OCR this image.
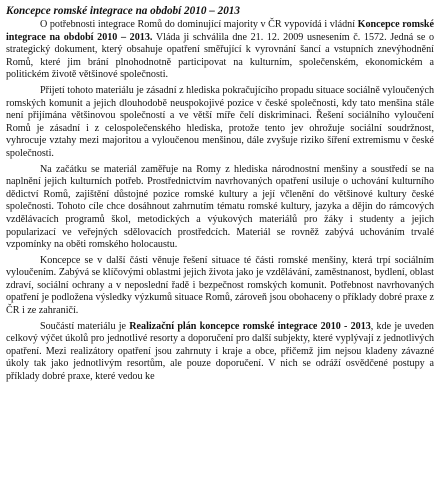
Koncepce romské integrace na období 2010 – 2013

O potřebnosti integrace Romů do dominující majority v ČR vypovídá i vládní Koncepce romské integrace na období 2010 – 2013. Vláda ji schválila dne 21. 12. 2009 usnesením č. 1572. Jedná se o strategický dokument, který obsahuje opatření směřující k vyrovnání šancí a vstupních znevýhodnění Romů, které jim brání plnohodnotně participovat na kulturním, společenském, ekonomickém a politickém životě většinové společnosti.

Přijetí tohoto materiálu je zásadní z hlediska pokračujícího propadu situace sociálně vyloučených romských komunit a jejich dlouhodobě neuspokojivé pozice v české společnosti, kdy tato menšina stále není přijímána většinovou společností a ve větší míře čelí diskriminaci. Řešení sociálního vyloučení Romů je zásadní i z celospolečenského hlediska, protože tento jev ohrožuje sociální soudržnost, vyhrocuje vztahy mezi majoritou a vyloučenou menšinou, dále zvyšuje riziko šíření extremismu v české společnosti.

Na začátku se materiál zaměřuje na Romy z hlediska národnostní menšiny a soustředí se na naplnění jejich kulturních potřeb. Prostřednictvím navrhovaných opatření usiluje o uchování kulturního dědictví Romů, zajištění důstojné pozice romské kultury a její včlenění do většinové kultury české společnosti. Tohoto cíle chce dosáhnout zahrnutím tématu romské kultury, jazyka a dějin do rámcových vzdělávacích programů škol, metodických a výukových materiálů pro žáky i studenty a jejich popularizací ve veřejných sdělovacích prostředcích. Materiál se rovněž zabývá uchováním trvalé vzpomínky na oběti romského holocaustu.

Koncepce se v další části věnuje řešení situace té části romské menšiny, která trpí sociálním vyloučením. Zabývá se klíčovými oblastmi jejich života jako je vzdělávání, zaměstnanost, bydlení, oblast zdraví, sociální ochrany a v neposlední řadě i bezpečnost romských komunit. Potřebnost navrhovaných opatření je podložena výsledky výzkumů situace Romů, zároveň jsou obohaceny o příklady dobré praxe z ČR i ze zahraničí.

Součástí materiálu je Realizační plán koncepce romské integrace 2010 - 2013, kde je uveden celkový výčet úkolů pro jednotlivé resorty a doporučení pro další subjekty, které vyplývají z jednotlivých opatření. Mezi realizátory opatření jsou zahrnuty i kraje a obce, přičemž jim nejsou kladeny závazné úkoly tak jako jednotlivým resortům, ale pouze doporučení. V nich se odráží osvědčené postupy a příklady dobré praxe, které vedou ke
